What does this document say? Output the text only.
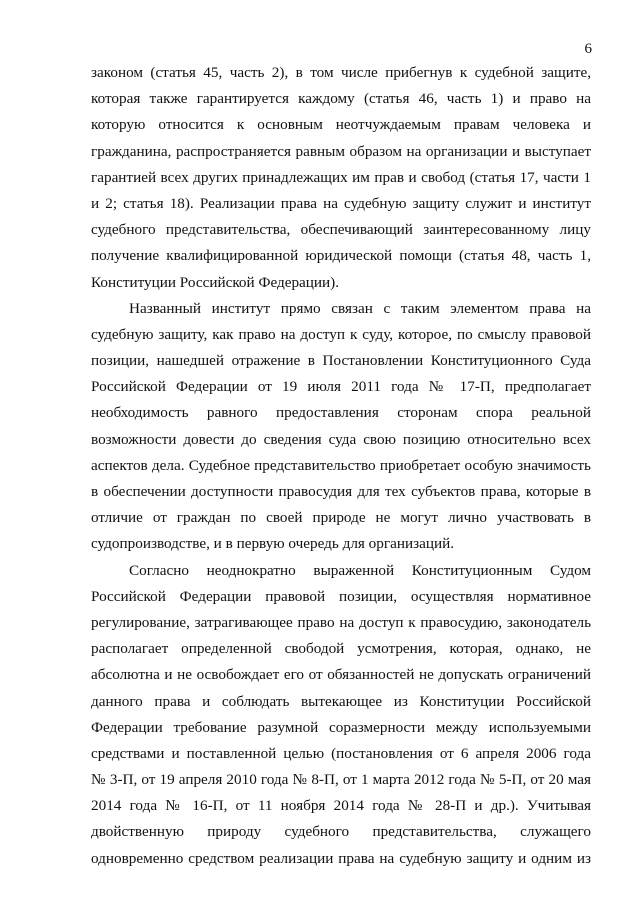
6
законом (статья 45, часть 2), в том числе прибегнув к судебной защите,
которая также гарантируется каждому (статья 46, часть 1) и право на
которую относится к основным неотчуждаемым правам человека и
гражданина, распространяется равным образом на организации и выступает
гарантией всех других принадлежащих им прав и свобод (статья 17, части 1
и 2; статья 18). Реализации права на судебную защиту служит и институт
судебного представительства, обеспечивающий заинтересованному лицу
получение квалифицированной юридической помощи (статья 48, часть 1,
Конституции Российской Федерации).
Названный институт прямо связан с таким элементом права на
судебную защиту, как право на доступ к суду, которое, по смыслу правовой
позиции, нашедшей отражение в Постановлении Конституционного Суда
Российской Федерации от 19 июля 2011 года № 17-П, предполагает
необходимость равного предоставления сторонам спора реальной
возможности довести до сведения суда свою позицию относительно всех
аспектов дела. Судебное представительство приобретает особую значимость
в обеспечении доступности правосудия для тех субъектов права, которые в
отличие от граждан по своей природе не могут лично участвовать в
судопроизводстве, и в первую очередь для организаций.
Согласно неоднократно выраженной Конституционным Судом
Российской Федерации правовой позиции, осуществляя нормативное
регулирование, затрагивающее право на доступ к правосудию, законодатель
располагает определенной свободой усмотрения, которая, однако, не
абсолютна и не освобождает его от обязанностей не допускать ограничений
данного права и соблюдать вытекающее из Конституции Российской
Федерации требование разумной соразмерности между используемыми
средствами и поставленной целью (постановления от 6 апреля 2006 года
№ 3-П, от 19 апреля 2010 года № 8-П, от 1 марта 2012 года № 5-П, от 20 мая
2014 года № 16-П, от 11 ноября 2014 года № 28-П и др.). Учитывая
двойственную природу судебного представительства, служащего
одновременно средством реализации права на судебную защиту и одним из
